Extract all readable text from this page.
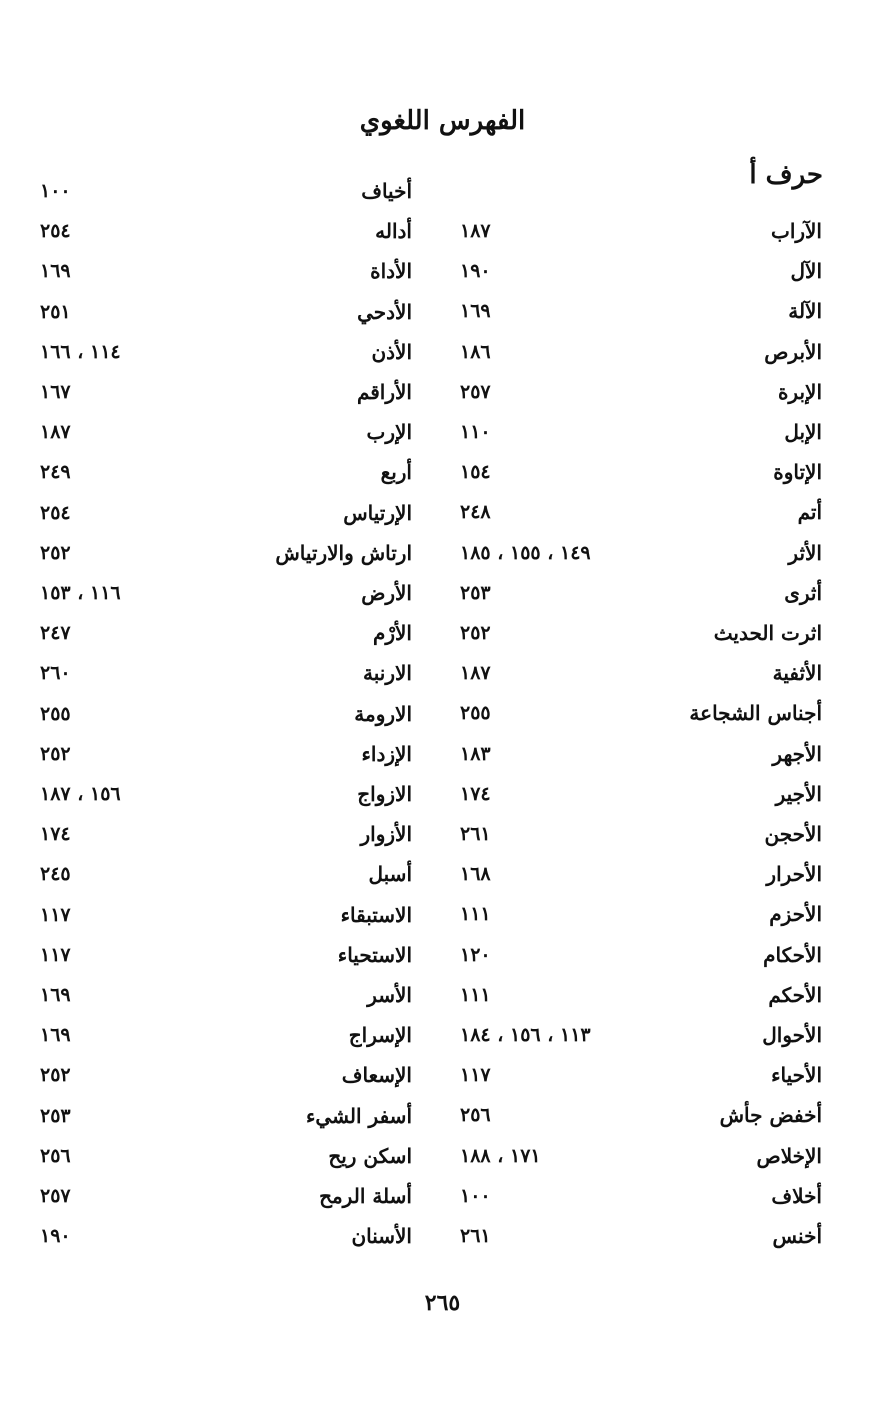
الفهرس اللغوي
حرف أ
الآراب
١٨٧
الآل
١٩٠
الآلة
١٦٩
الأبرص
١٨٦
الإبرة
٢٥٧
الإبل
١١٠
الإتاوة
١٥٤
أتم
٢٤٨
الأثر
١٤٩ ، ١٥٥ ، ١٨٥
أثرى
٢٥٣
اثرت الحديث
٢٥٢
الأثفية
١٨٧
أجناس الشجاعة
٢٥٥
الأجهر
١٨٣
الأجير
١٧٤
الأحجن
٢٦١
الأحرار
١٦٨
الأحزم
١١١
الأحكام
١٢٠
الأحكم
١١١
الأحوال
١١٣ ، ١٥٦ ، ١٨٤
الأحياء
١١٧
أخفض جأش
٢٥٦
الإخلاص
١٧١ ، ١٨٨
أخلاف
١٠٠
أخنس
٢٦١
أخياف
١٠٠
أداله
٢٥٤
الأداة
١٦٩
الأدحي
٢٥١
الأذن
١١٤ ، ١٦٦
الأراقم
١٦٧
الإرب
١٨٧
أربع
٢٤٩
الإرتياس
٢٥٤
ارتاش والارتياش
٢٥٢
الأرض
١١٦ ، ١٥٣
الأرْم
٢٤٧
الارنبة
٢٦٠
الارومة
٢٥٥
الإزداء
٢٥٢
الازواج
١٥٦ ، ١٨٧
الأزوار
١٧٤
أسبل
٢٤٥
الاستبقاء
١١٧
الاستحياء
١١٧
الأسر
١٦٩
الإسراج
١٦٩
الإسعاف
٢٥٢
أسفر الشيء
٢٥٣
اسكن ريح
٢٥٦
أسلة الرمح
٢٥٧
الأسنان
١٩٠
٢٦٥
